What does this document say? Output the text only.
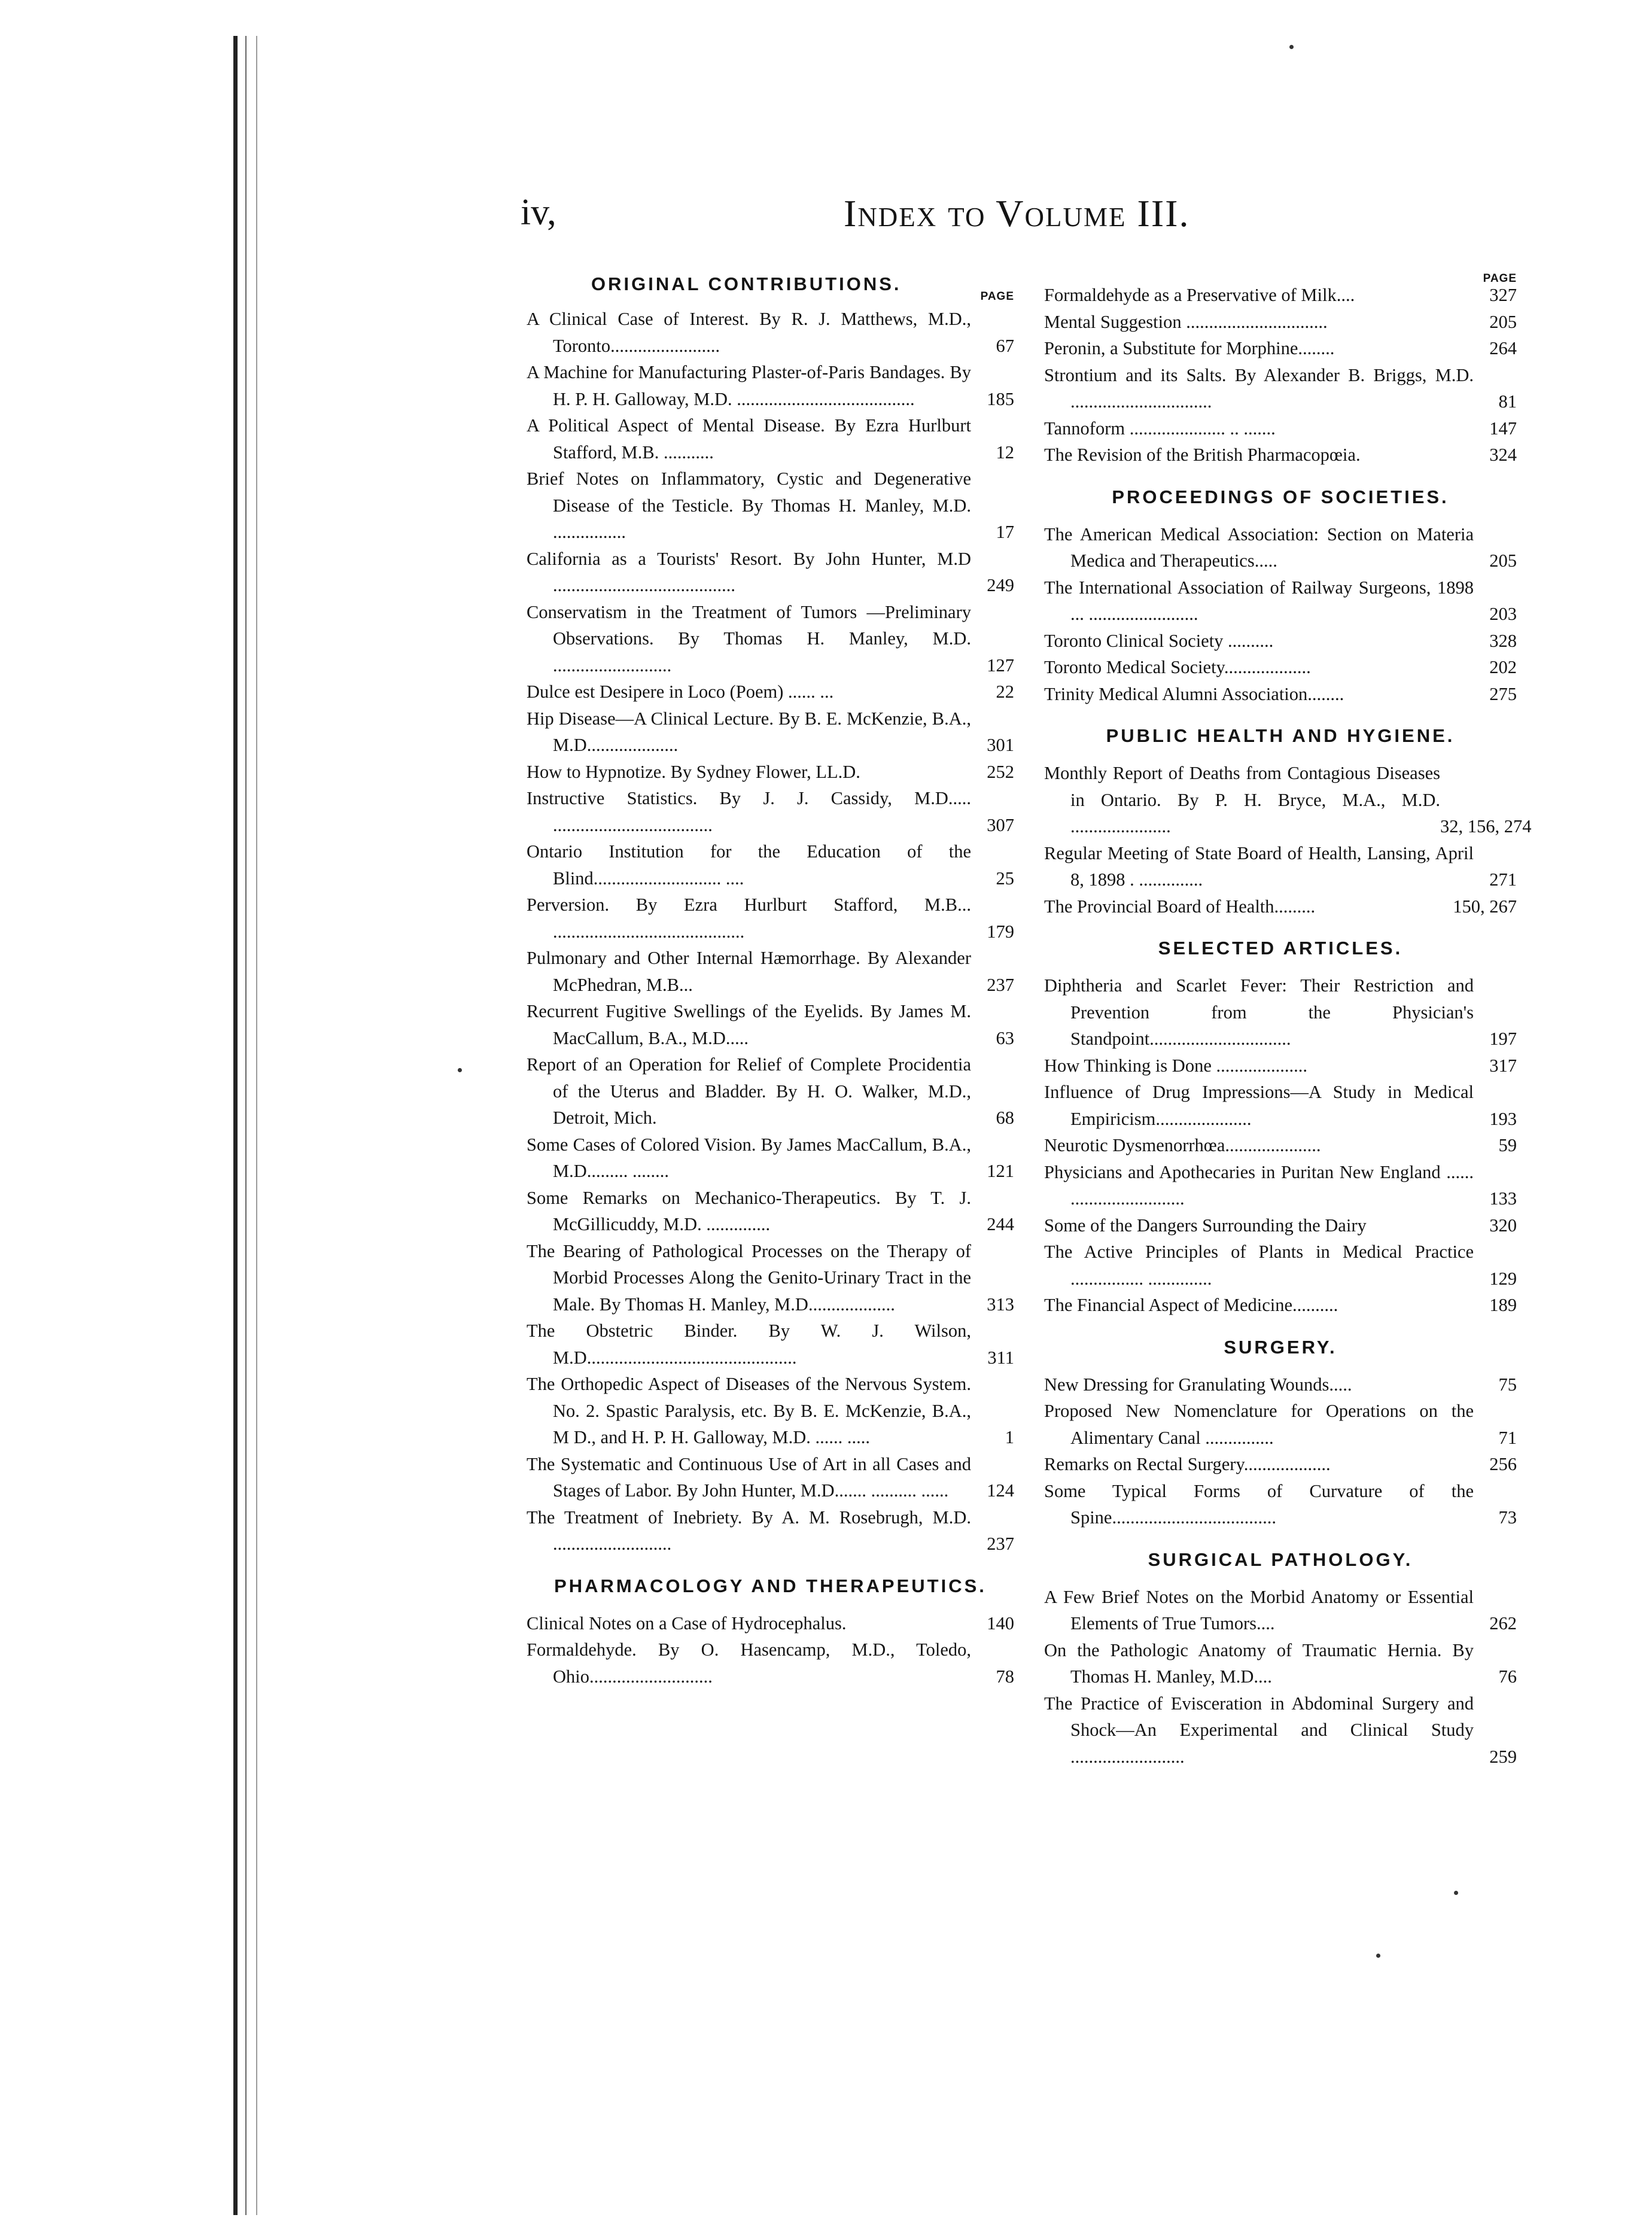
iv,	Index to Volume III.
ORIGINAL CONTRIBUTIONS.
PAGE
A Clinical Case of Interest. By R. J. Matthews, M.D., Toronto........................	67
A Machine for Manufacturing Plaster-of-Paris Bandages. By H. P. H. Galloway, M.D. .......................................	185
A Political Aspect of Mental Disease. By Ezra Hurlburt Stafford, M.B. ...........	12
Brief Notes on Inflammatory, Cystic and Degenerative Disease of the Testicle. By Thomas H. Manley, M.D. ................	17
California as a Tourists' Resort. By John Hunter, M.D ........................................	249
Conservatism in the Treatment of Tumors —Preliminary Observations. By Thomas H. Manley, M.D. ..........................	127
Dulce est Desipere in Loco (Poem) ...... ...	22
Hip Disease—A Clinical Lecture. By B. E. McKenzie, B.A., M.D....................	301
How to Hypnotize. By Sydney Flower, LL.D.	252
Instructive Statistics. By J. J. Cassidy, M.D..... ...................................	307
Ontario Institution for the Education of the Blind............................ ....	25
Perversion. By Ezra Hurlburt Stafford, M.B... ..........................................	179
Pulmonary and Other Internal Hæmorrhage. By Alexander McPhedran, M.B...	237
Recurrent Fugitive Swellings of the Eyelids. By James M. MacCallum, B.A., M.D.....	63
Report of an Operation for Relief of Complete Procidentia of the Uterus and Bladder. By H. O. Walker, M.D., Detroit, Mich.	68
Some Cases of Colored Vision. By James MacCallum, B.A., M.D......... ........	121
Some Remarks on Mechanico-Therapeutics. By T. J. McGillicuddy, M.D. ..............	244
The Bearing of Pathological Processes on the Therapy of Morbid Processes Along the Genito-Urinary Tract in the Male. By Thomas H. Manley, M.D...................	313
The Obstetric Binder. By W. J. Wilson, M.D..............................................	311
The Orthopedic Aspect of Diseases of the Nervous System. No. 2. Spastic Paralysis, etc. By B. E. McKenzie, B.A., M D., and H. P. H. Galloway, M.D. ...... .....	1
The Systematic and Continuous Use of Art in all Cases and Stages of Labor. By John Hunter, M.D....... .......... ......	124
The Treatment of Inebriety. By A. M. Rosebrugh, M.D. ..........................	237
PHARMACOLOGY AND THERAPEUTICS.
Clinical Notes on a Case of Hydrocephalus.	140
Formaldehyde. By O. Hasencamp, M.D., Toledo, Ohio...........................	78
PAGE
Formaldehyde as a Preservative of Milk....	327
Mental Suggestion ...............................	205
Peronin, a Substitute for Morphine........	264
Strontium and its Salts. By Alexander B. Briggs, M.D. ...............................	81
Tannoform ..................... .. .......	147
The Revision of the British Pharmacopœia.	324
PROCEEDINGS OF SOCIETIES.
The American Medical Association: Section on Materia Medica and Therapeutics.....	205
The International Association of Railway Surgeons, 1898 ... ........................	203
Toronto Clinical Society ..........	328
Toronto Medical Society...................	202
Trinity Medical Alumni Association........	275
PUBLIC HEALTH AND HYGIENE.
Monthly Report of Deaths from Contagious Diseases in Ontario. By P. H. Bryce, M.A., M.D. ......................	32, 156, 274
Regular Meeting of State Board of Health, Lansing, April 8, 1898 . ..............	271
The Provincial Board of Health.........	150, 267
SELECTED ARTICLES.
Diphtheria and Scarlet Fever: Their Restriction and Prevention from the Physician's Standpoint...............................	197
How Thinking is Done ....................	317
Influence of Drug Impressions—A Study in Medical Empiricism.....................	193
Neurotic Dysmenorrhœa.....................	59
Physicians and Apothecaries in Puritan New England ...... .........................	133
Some of the Dangers Surrounding the Dairy	320
The Active Principles of Plants in Medical Practice ................ ..............	129
The Financial Aspect of Medicine..........	189
SURGERY.
New Dressing for Granulating Wounds.....	75
Proposed New Nomenclature for Operations on the Alimentary Canal ...............	71
Remarks on Rectal Surgery...................	256
Some Typical Forms of Curvature of the Spine....................................	73
SURGICAL PATHOLOGY.
A Few Brief Notes on the Morbid Anatomy or Essential Elements of True Tumors....	262
On the Pathologic Anatomy of Traumatic Hernia. By Thomas H. Manley, M.D....	76
The Practice of Evisceration in Abdominal Surgery and Shock—An Experimental and Clinical Study .........................	259
